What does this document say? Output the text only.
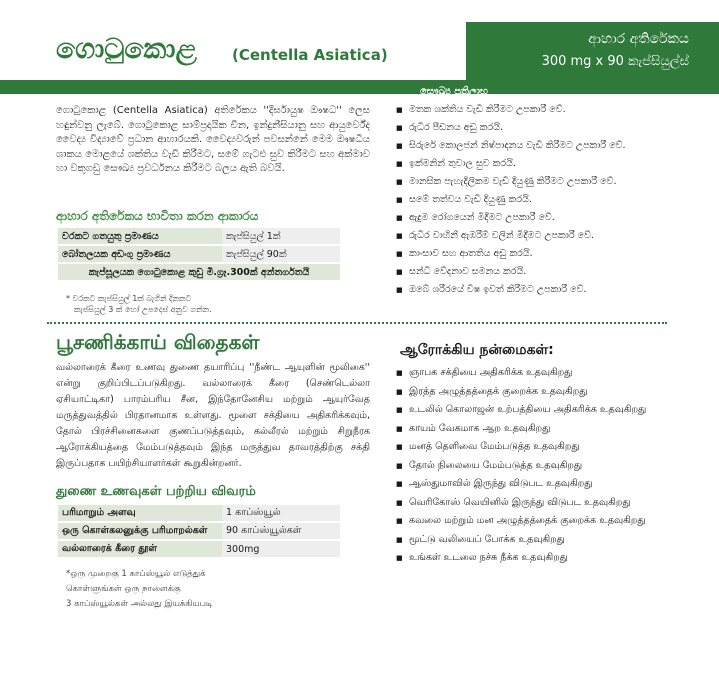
ගොටුකොළ (Centella Asiatica)
ආහාර අතිරේකය
300 mg x 90 කැප්සියුල්ස්
ගොටුකොළ (Centella Asiatica) අතිරේකය ''දීර්ඝායුෂ ඖෂධ'' ලෙස හඳුන්වනු ලැබේ. ගොටුකොළ සාම්ප්‍රදායික චීන, ඉන්දුනීසියානු සහ ආයුර්වේද වෛද්‍ය විද්‍යාවේ ප්‍රධාන ආහාරයකි. වෛද්‍යවරුන් පවසන්නේ මෙම ඖෂධීය ශාකය මොළයේ ශක්තිය වැඩි කිරීමට, සමේ ගැටළු සුව කිරීමට සහ අක්මාව හා වකුගඩු සෞඛ්‍ය ප්‍රවර්ධනය කිරීමට බලය ඇති බවයි.
ආහාර අතිරේකය භාවිතා කරන ආකාරය
වරකට ගතයුතු ප්‍රමාණය	කැප්සියුල් 1ක්
බෝතලයක අඩංගු ප්‍රමාණය	කැප්සියුල් 90ක්
කැප්සූලයක ගොටුකොළ කුඩු මි.ග්‍රෑ.300ක් අන්තර්ගතයි	
* වරකට කැප්සියුල් 1ක් බැගින් දිනකට
කැප්සියුල් 3 ක් හෝ උපදෙස් අනුව ගන්න.
සෞඛ්‍ය ප්‍රතිලාභ
■ මතක ශක්තිය වැඩි කිරීමට උපකාරී වේ.
■ රුධිර පීඩනය අඩු කරයි.
■ සිරුරේ කොලජන් නිෂ්පාදනය වැඩි කිරීමට උපකාරී වේ.
■ ඉක්මනින් තුවාල සුව කරයි.
■ මානසික පැහැදිලිකම වැඩි දියුණු කිරීමට උපකාරී වේ.
■ සමේ තත්වය වැඩි දියුණු කරයි.
■ ඇදුම රෝගයෙන් මිදීමට උපකාරී වේ.
■ රුධිර වාහිනී ඇඹරීම් වලින් මිදීමට උපකාරී වේ.
■ කාංසාව සහ ආතතිය අඩු කරයි.
■ සන්ධි වේදනාව සමනය කරයි.
■ ඔබේ ශරීරයේ විෂ ඉවත් කිරීමට උපකාරී වේ.
பூசணிக்காய் விதைகள்
வல்லாரைக் கீரை உணவு துணை தயாரிப்பு ''நீண்ட ஆயுளின் மூலிகை'' என்று குறிப்பிடப்படுகிறது. வல்லாரைக் கீரை (செண்டெல்லா ஏசியாட்டிகா) பாரம்பரிய சீன, இந்தோனேசிய மற்றும் ஆயுர்வேத மருத்துவத்தில் பிரதானமாக உள்ளது. மூளை சக்தியை அதிகரிக்கவும், தோல் பிரச்சினைகளை குணப்படுத்தவும், கல்லீரல் மற்றும் சிறுநீரக ஆரோக்கியத்தை மேம்படுத்தவும் இந்த மருத்துவ தாவரத்திற்கு சக்தி இருப்பதாக பயிற்சியாளர்கள் கூறுகின்றனர்.
துணை உணவுகள் பற்றிய விவரம்
பரிமாறும் அளவு	1 காப்ஸ்யூல்
ஒரு கொள்கலனுக்கு பரிமாறல்கள்	90 காப்ஸ்யூல்கள்
வல்லாரைக் கீரை தூள்	300mg
*ஒரு முறைகு 1 காப்ஸ்யூல் எடுத்துக்
கொள்ளுங்கள் ஒரு நாளைக்கு
3 காப்ஸ்யூல்கள் அல்லது இயக்கியபடி
ஆரோக்கிய நன்மைகள்:
■ ஞாபக சக்தியை அதிகரிக்க உதவுகிறது
■ இரத்த அழுத்தத்தைக் குறைக்க உதவுகிறது
■ உடலில் கொலாஜன் உற்பத்தியை அதிகரிக்க உதவுகிறது
■ காயம் வேகமாக ஆற உதவுகிறது
■ மனத் தெளிவை மேம்படுத்த உதவுகிறது
■ தோல் நிலையை மேம்படுத்த உதவுகிறது
■ ஆஸ்துமாவில் இருந்து விடுபட உதவுகிறது
■ வெரிகோஸ் வெயினில் இருந்து விடுபட உதவுகிறது
■ கவலை மற்றும் மன அழுத்தத்தைக் குறைக்க உதவுகிறது
■ மூட்டு வலியைப் போக்க உதவுகிறது
■ உங்கள் உடலை நச்சு நீக்க உதவுகிறது
